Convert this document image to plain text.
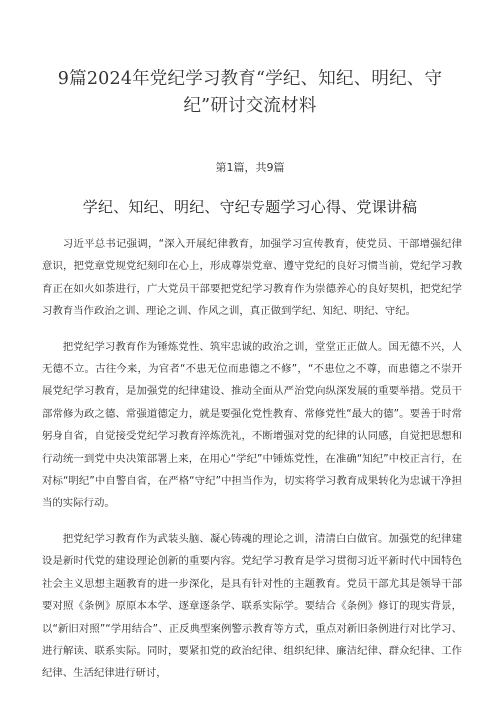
9篇2024年党纪学习教育“学纪、知纪、明纪、守纪”研讨交流材料

第1篇，共9篇

学纪、知纪、明纪、守纪专题学习心得、党课讲稿

习近平总书记强调，“深入开展纪律教育，加强学习宣传教育，使党员、干部增强纪律意识，把党章党规党纪刻印在心上，形成尊崇党章、遵守党纪的良好习惯当前，党纪学习教育正在如火如荼进行，广大党员干部要把党纪学习教育作为崇德养心的良好契机，把党纪学习教育当作政治之训、理论之训、作风之训，真正做到学纪、知纪、明纪、守纪。

把党纪学习教育作为锤炼党性、筑牢忠诚的政治之训，堂堂正正做人。国无德不兴，人无德不立。古往今来，为官者“不患无位而患德之不修”，“不患位之不尊，而患德之不崇开展党纪学习教育，是加强党的纪律建设、推动全面从严治党向纵深发展的重要举措。党员干部常修为政之德、常强道德定力，就是要强化党性教育、常修党性“最大的德”。要善于时常躬身自省，自觉接受党纪学习教育淬炼洗礼，不断增强对党的纪律的认同感，自觉把思想和行动统一到党中央决策部署上来，在用心“学纪”中锤炼党性，在准确“知纪”中校正言行，在对标“明纪”中自警自省，在严格“守纪”中担当作为，切实将学习教育成果转化为忠诚干净担当的实际行动。

把党纪学习教育作为武装头脑、凝心铸魂的理论之训，清清白白做官。加强党的纪律建设是新时代党的建设理论创新的重要内容。党纪学习教育是学习贯彻习近平新时代中国特色社会主义思想主题教育的进一步深化，是具有针对性的主题教育。党员干部尤其是领导干部要对照《条例》原原本本学、逐章逐条学、联系实际学。要结合《条例》修订的现实背景，以“新旧对照”“学用结合”、正反典型案例警示教育等方式，重点对新旧条例进行对比学习、进行解读、联系实际。同时，要紧扣党的政治纪律、组织纪律、廉洁纪律、群众纪律、工作纪律、生活纪律进行研讨，
